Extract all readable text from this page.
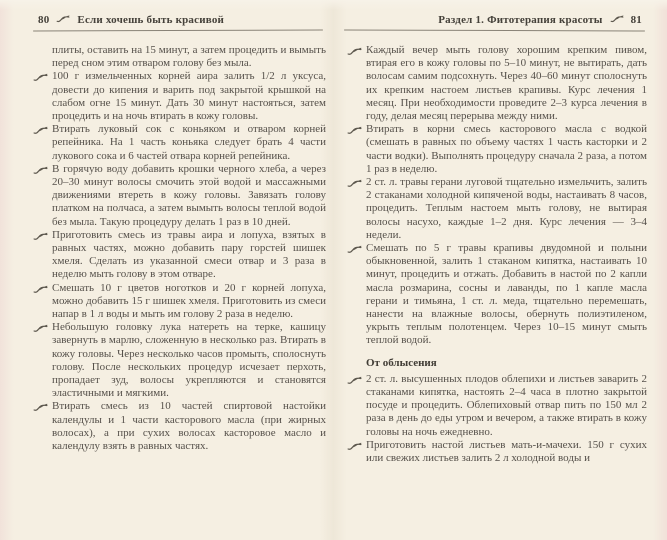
80	Если хочешь быть красивой	Раздел 1. Фитотерапия красоты	81
плиты, оставить на 15 минут, а затем процедить и вымыть перед сном этим отваром голову без мыла.
100 г измельченных корней аира залить 1/2 л уксуса, довести до кипения и варить под закрытой крышкой на слабом огне 15 минут. Дать 30 минут настояться, затем процедить и на ночь втирать в кожу головы.
Втирать луковый сок с коньяком и отваром корней репейника. На 1 часть коньяка следует брать 4 части лукового сока и 6 частей отвара корней репейника.
В горячую воду добавить крошки черного хлеба, а через 20–30 минут волосы смочить этой водой и массажными движениями втереть в кожу головы. Завязать голову платком на полчаса, а затем вымыть волосы теплой водой без мыла. Такую процедуру делать 1 раз в 10 дней.
Приготовить смесь из травы аира и лопуха, взятых в равных частях, можно добавить пару горстей шишек хмеля. Сделать из указанной смеси отвар и 3 раза в неделю мыть голову в этом отваре.
Смешать 10 г цветов ноготков и 20 г корней лопуха, можно добавить 15 г шишек хмеля. Приготовить из смеси напар в 1 л воды и мыть им голову 2 раза в неделю.
Небольшую головку лука натереть на терке, кашицу завернуть в марлю, сложенную в несколько раз. Втирать в кожу головы. Через несколько часов промыть, сполоснуть голову. После нескольких процедур исчезает перхоть, пропадает зуд, волосы укрепляются и становятся эластичными и мягкими.
Втирать смесь из 10 частей спиртовой настойки календулы и 1 части касторового масла (при жирных волосах), а при сухих волосах касторовое масло и календулу взять в равных частях.
Каждый вечер мыть голову хорошим крепким пивом, втирая его в кожу головы по 5–10 минут, не вытирать, дать волосам самим подсохнуть. Через 40–60 минут сполоснуть их крепким настоем листьев крапивы. Курс лечения 1 месяц. При необходимости проведите 2–3 курса лечения в году, делая месяц перерыва между ними.
Втирать в корни смесь касторового масла с водкой (смешать в равных по объему частях 1 часть касторки и 2 части водки). Выполнять процедуру сначала 2 раза, а потом 1 раз в неделю.
2 ст. л. травы герани луговой тщательно измельчить, залить 2 стаканами холодной кипяченой воды, настаивать 8 часов, процедить. Теплым настоем мыть голову, не вытирая волосы насухо, каждые 1–2 дня. Курс лечения — 3–4 недели.
Смешать по 5 г травы крапивы двудомной и полыни обыкновенной, залить 1 стаканом кипятка, настаивать 10 минут, процедить и отжать. Добавить в настой по 2 капли масла розмарина, сосны и лаванды, по 1 капле масла герани и тимьяна, 1 ст. л. меда, тщательно перемешать, нанести на влажные волосы, обернуть полиэтиленом, укрыть теплым полотенцем. Через 10–15 минут смыть теплой водой.
От облысения
2 ст. л. высушенных плодов облепихи и листьев заварить 2 стаканами кипятка, настоять 2–4 часа в плотно закрытой посуде и процедить. Облепиховый отвар пить по 150 мл 2 раза в день до еды утром и вечером, а также втирать в кожу головы на ночь ежедневно.
Приготовить настой листьев мать-и-мачехи. 150 г сухих или свежих листьев залить 2 л холодной воды и
